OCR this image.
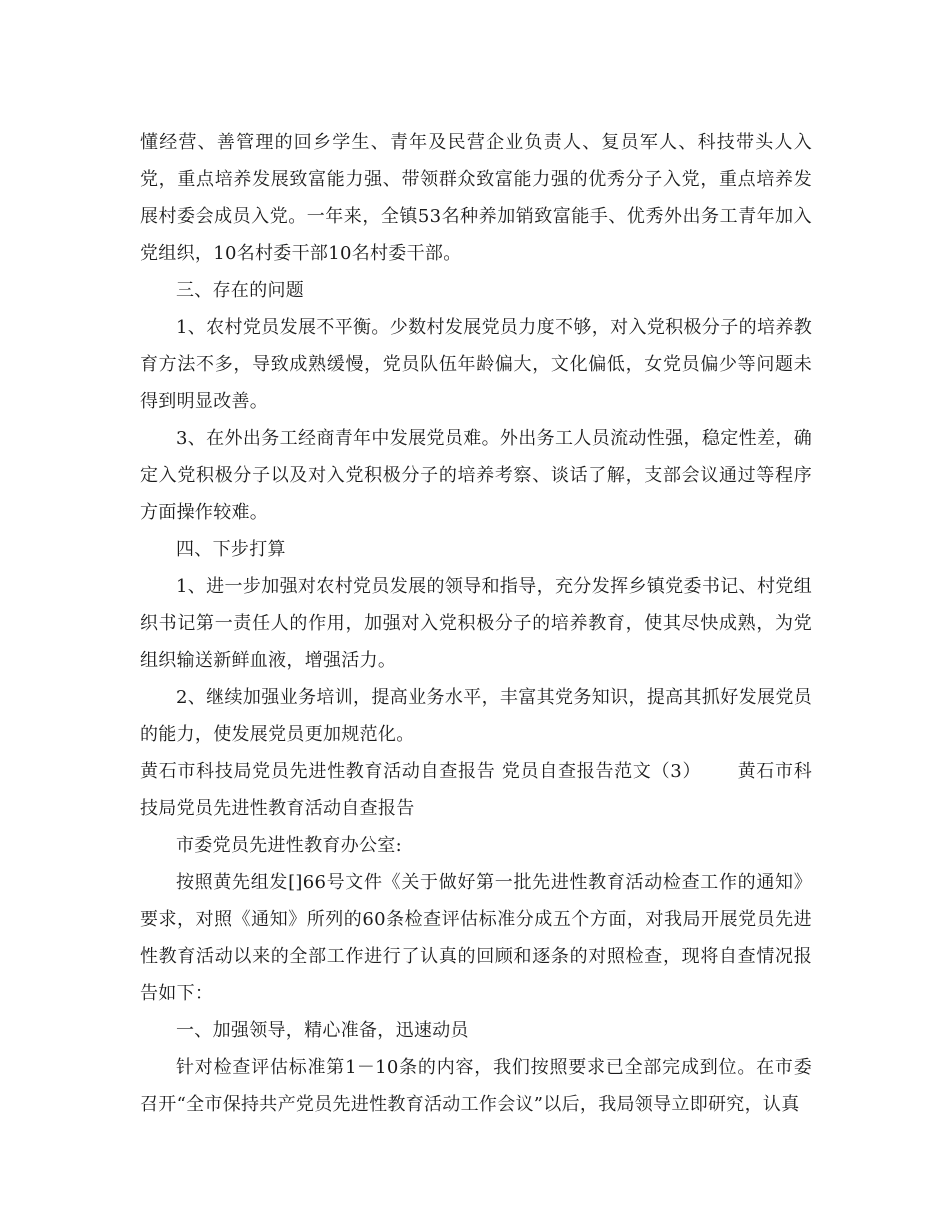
懂经营、善管理的回乡学生、青年及民营企业负责人、复员军人、科技带头人入党，重点培养发展致富能力强、带领群众致富能力强的优秀分子入党，重点培养发展村委会成员入党。一年来，全镇53名种养加销致富能手、优秀外出务工青年加入党组织，10名村委干部10名村委干部。

三、存在的问题

1、农村党员发展不平衡。少数村发展党员力度不够，对入党积极分子的培养教育方法不多，导致成熟缓慢，党员队伍年龄偏大，文化偏低，女党员偏少等问题未得到明显改善。

3、在外出务工经商青年中发展党员难。外出务工人员流动性强，稳定性差，确定入党积极分子以及对入党积极分子的培养考察、谈话了解，支部会议通过等程序方面操作较难。

四、下步打算

1、进一步加强对农村党员发展的领导和指导，充分发挥乡镇党委书记、村党组织书记第一责任人的作用，加强对入党积极分子的培养教育，使其尽快成熟，为党组织输送新鲜血液，增强活力。

2、继续加强业务培训，提高业务水平，丰富其党务知识，提高其抓好发展党员的能力，使发展党员更加规范化。

黄石市科技局党员先进性教育活动自查报告 党员自查报告范文（3） 黄石市科技局党员先进性教育活动自查报告

市委党员先进性教育办公室:

按照黄先组发[]66号文件《关于做好第一批先进性教育活动检查工作的通知》要求，对照《通知》所列的60条检查评估标准分成五个方面，对我局开展党员先进性教育活动以来的全部工作进行了认真的回顾和逐条的对照检查，现将自查情况报告如下：

一、加强领导，精心准备，迅速动员

针对检查评估标准第1－10条的内容，我们按照要求已全部完成到位。在市委召开“全市保持共产党员先进性教育活动工作会议”以后，我局领导立即研究，认真
